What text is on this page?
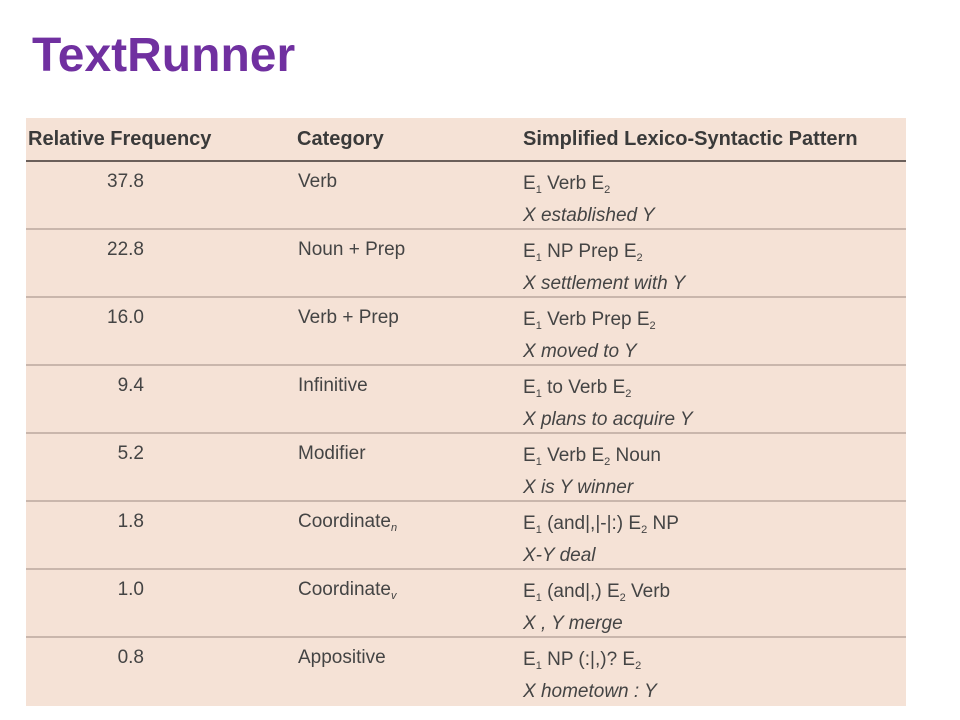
TextRunner
Relative Frequency	Category	Simplified Lexico-Syntactic Pattern
37.8	Verb	$E_1$ Verb $E_2$
X established Y
22.8	Noun + Prep	$E_1$ NP Prep $E_2$
X settlement with Y
16.0	Verb + Prep	$E_1$ Verb Prep $E_2$
X moved to Y
9.4	Infinitive	$E_1$ to Verb $E_2$
X plans to acquire Y
5.2	Modifier	$E_1$ Verb $E_2$ Noun
X is Y winner
1.8	Coordinate$_n$	$E_1$ (and|,|-|:) $E_2$ NP
X-Y deal
1.0	Coordinate$_v$	$E_1$ (and|,) $E_2$ Verb
X , Y merge
0.8	Appositive	$E_1$ NP (:|,)? $E_2$
X hometown : Y
